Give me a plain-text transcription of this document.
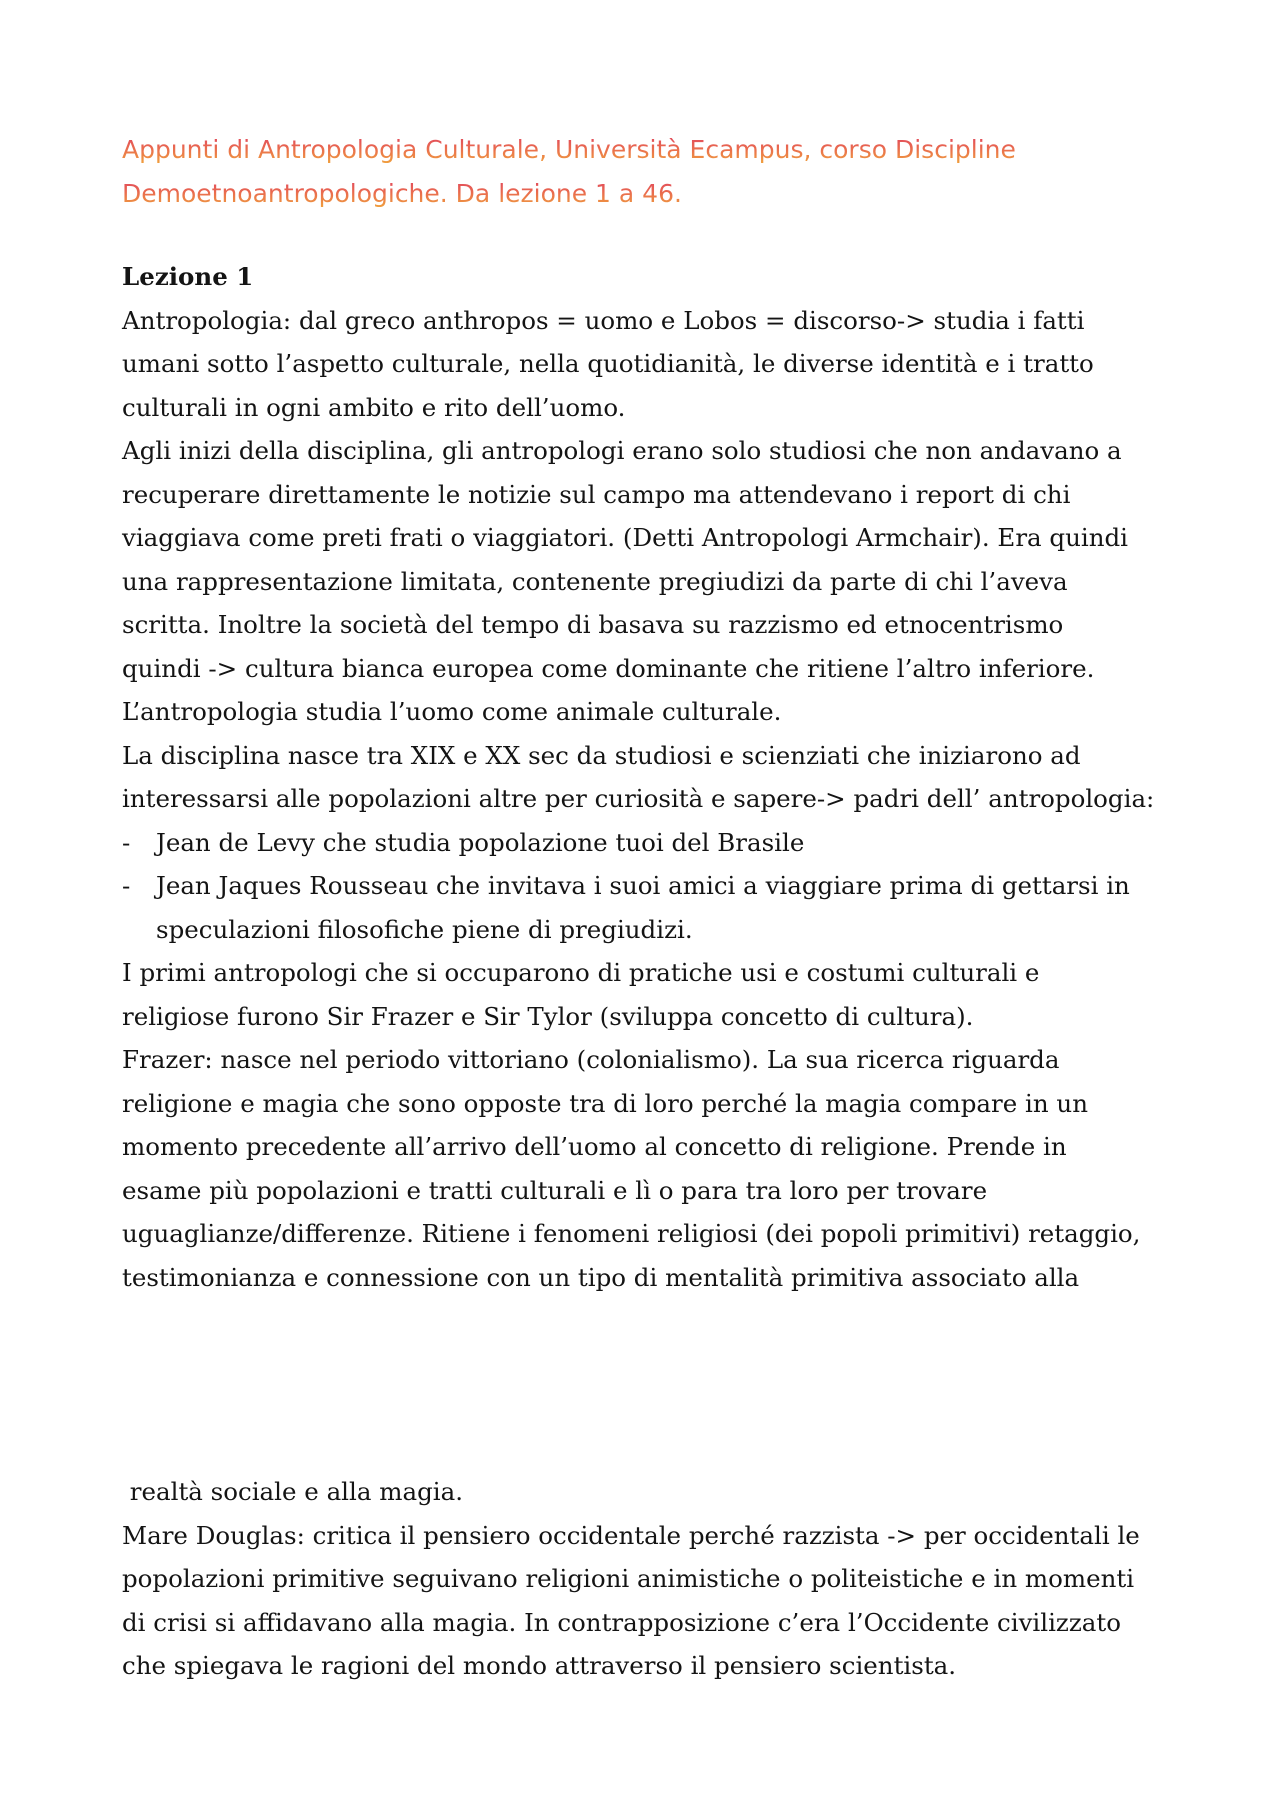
Appunti di Antropologia Culturale, Università Ecampus, corso Discipline
Demoetnoantropologiche. Da lezione 1 a 46.

Lezione 1

Antropologia: dal greco anthropos = uomo e Lobos = discorso-> studia i fatti

umani sotto l’aspetto culturale, nella quotidianità, le diverse identità e i tratto

culturali in ogni ambito e rito dell’uomo.

Agli inizi della disciplina, gli antropologi erano solo studiosi che non andavano a

recuperare direttamente le notizie sul campo ma attendevano i report di chi

viaggiava come preti frati o viaggiatori. (Detti Antropologi Armchair). Era quindi

una rappresentazione limitata, contenente pregiudizi da parte di chi l’aveva

scritta. Inoltre la società del tempo di basava su razzismo ed etnocentrismo

quindi -> cultura bianca europea come dominante che ritiene l’altro inferiore.

L’antropologia studia l’uomo come animale culturale.

La disciplina nasce tra XIX e XX sec da studiosi e scienziati che iniziarono ad

interessarsi alle popolazioni altre per curiosità e sapere-> padri dell’ antropologia:

-	Jean de Levy che studia popolazione tuoi del Brasile
-	Jean Jaques Rousseau che invitava i suoi amici a viaggiare prima di gettarsi in

speculazioni filosofiche piene di pregiudizi.

I primi antropologi che si occuparono di pratiche usi e costumi culturali e

religiose furono Sir Frazer e Sir Tylor (sviluppa concetto di cultura).

Frazer: nasce nel periodo vittoriano (colonialismo). La sua ricerca riguarda

religione e magia che sono opposte tra di loro perché la magia compare in un

momento precedente all’arrivo dell’uomo al concetto di religione. Prende in

esame più popolazioni e tratti culturali e lì o para tra loro per trovare

uguaglianze/differenze. Ritiene i fenomeni religiosi (dei popoli primitivi) retaggio,

testimonianza e connessione con un tipo di mentalità primitiva associato alla

realtà sociale e alla magia.

Mare Douglas: critica il pensiero occidentale perché razzista -> per occidentali le

popolazioni primitive seguivano religioni animistiche o politeistiche e in momenti

di crisi si affidavano alla magia. In contrapposizione c’era l’Occidente civilizzato

che spiegava le ragioni del mondo attraverso il pensiero scientista.
